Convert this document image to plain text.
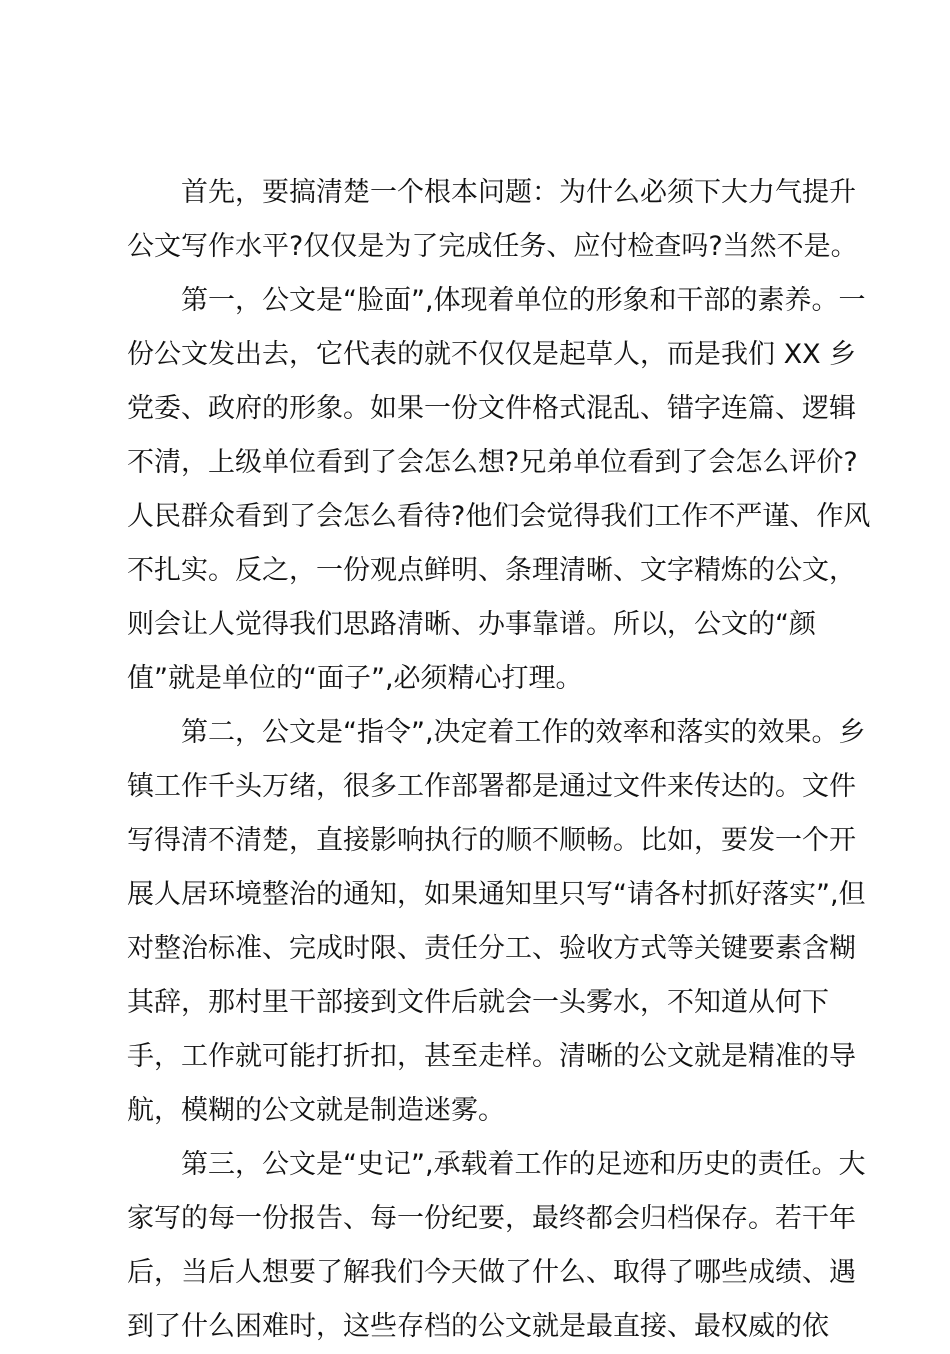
首先，要搞清楚一个根本问题：为什么必须下大力气提升
公文写作水平?仅仅是为了完成任务、应付检查吗?当然不是。
第一，公文是“脸面”,体现着单位的形象和干部的素养。一
份公文发出去，它代表的就不仅仅是起草人，而是我们 XX 乡
党委、政府的形象。如果一份文件格式混乱、错字连篇、逻辑
不清，上级单位看到了会怎么想?兄弟单位看到了会怎么评价?
人民群众看到了会怎么看待?他们会觉得我们工作不严谨、作风
不扎实。反之，一份观点鲜明、条理清晰、文字精炼的公文，
则会让人觉得我们思路清晰、办事靠谱。所以，公文的“颜
值”就是单位的“面子”,必须精心打理。
第二，公文是“指令”,决定着工作的效率和落实的效果。乡
镇工作千头万绪，很多工作部署都是通过文件来传达的。文件
写得清不清楚，直接影响执行的顺不顺畅。比如，要发一个开
展人居环境整治的通知，如果通知里只写“请各村抓好落实”,但
对整治标准、完成时限、责任分工、验收方式等关键要素含糊
其辞，那村里干部接到文件后就会一头雾水，不知道从何下
手，工作就可能打折扣，甚至走样。清晰的公文就是精准的导
航，模糊的公文就是制造迷雾。
第三，公文是“史记”,承载着工作的足迹和历史的责任。大
家写的每一份报告、每一份纪要，最终都会归档保存。若干年
后，当后人想要了解我们今天做了什么、取得了哪些成绩、遇
到了什么困难时，这些存档的公文就是最直接、最权威的依
